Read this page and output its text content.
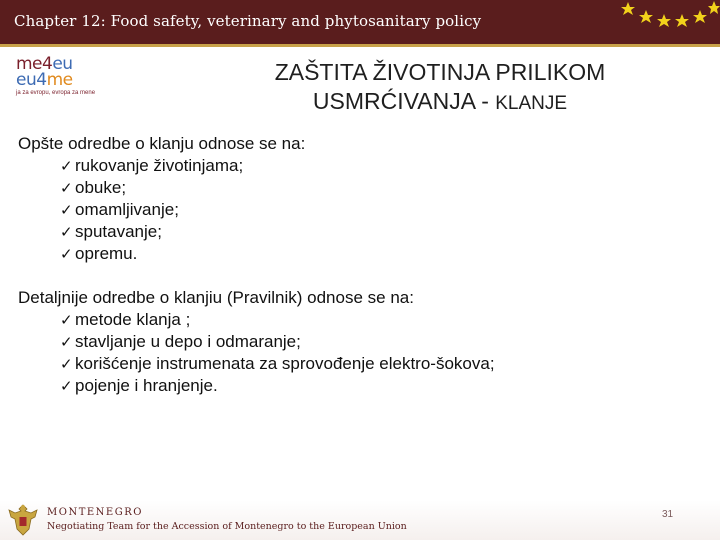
Chapter 12: Food safety, veterinary and phytosanitary policy
me4eu
eu4me
ja za evropu, evropa za mene
ZAŠTITA ŽIVOTINJA PRILIKOM
USMRĆIVANJA - KLANJE
Opšte odredbe o klanju odnose se na:
✓ rukovanje životinjama;
✓ obuke;
✓ omamljivanje;
✓ sputavanje;
✓ opremu.
Detaljnije odredbe o klanjiu (Pravilnik) odnose se na:
✓ metode klanja ;
✓ stavljanje u depo i odmaranje;
✓ korišćenje instrumenata za sprovođenje elektro-šokova;
✓ pojenje i hranjenje.
MONTENEGRO
Negotiating Team for the Accession of Montenegro to the European Union
31
